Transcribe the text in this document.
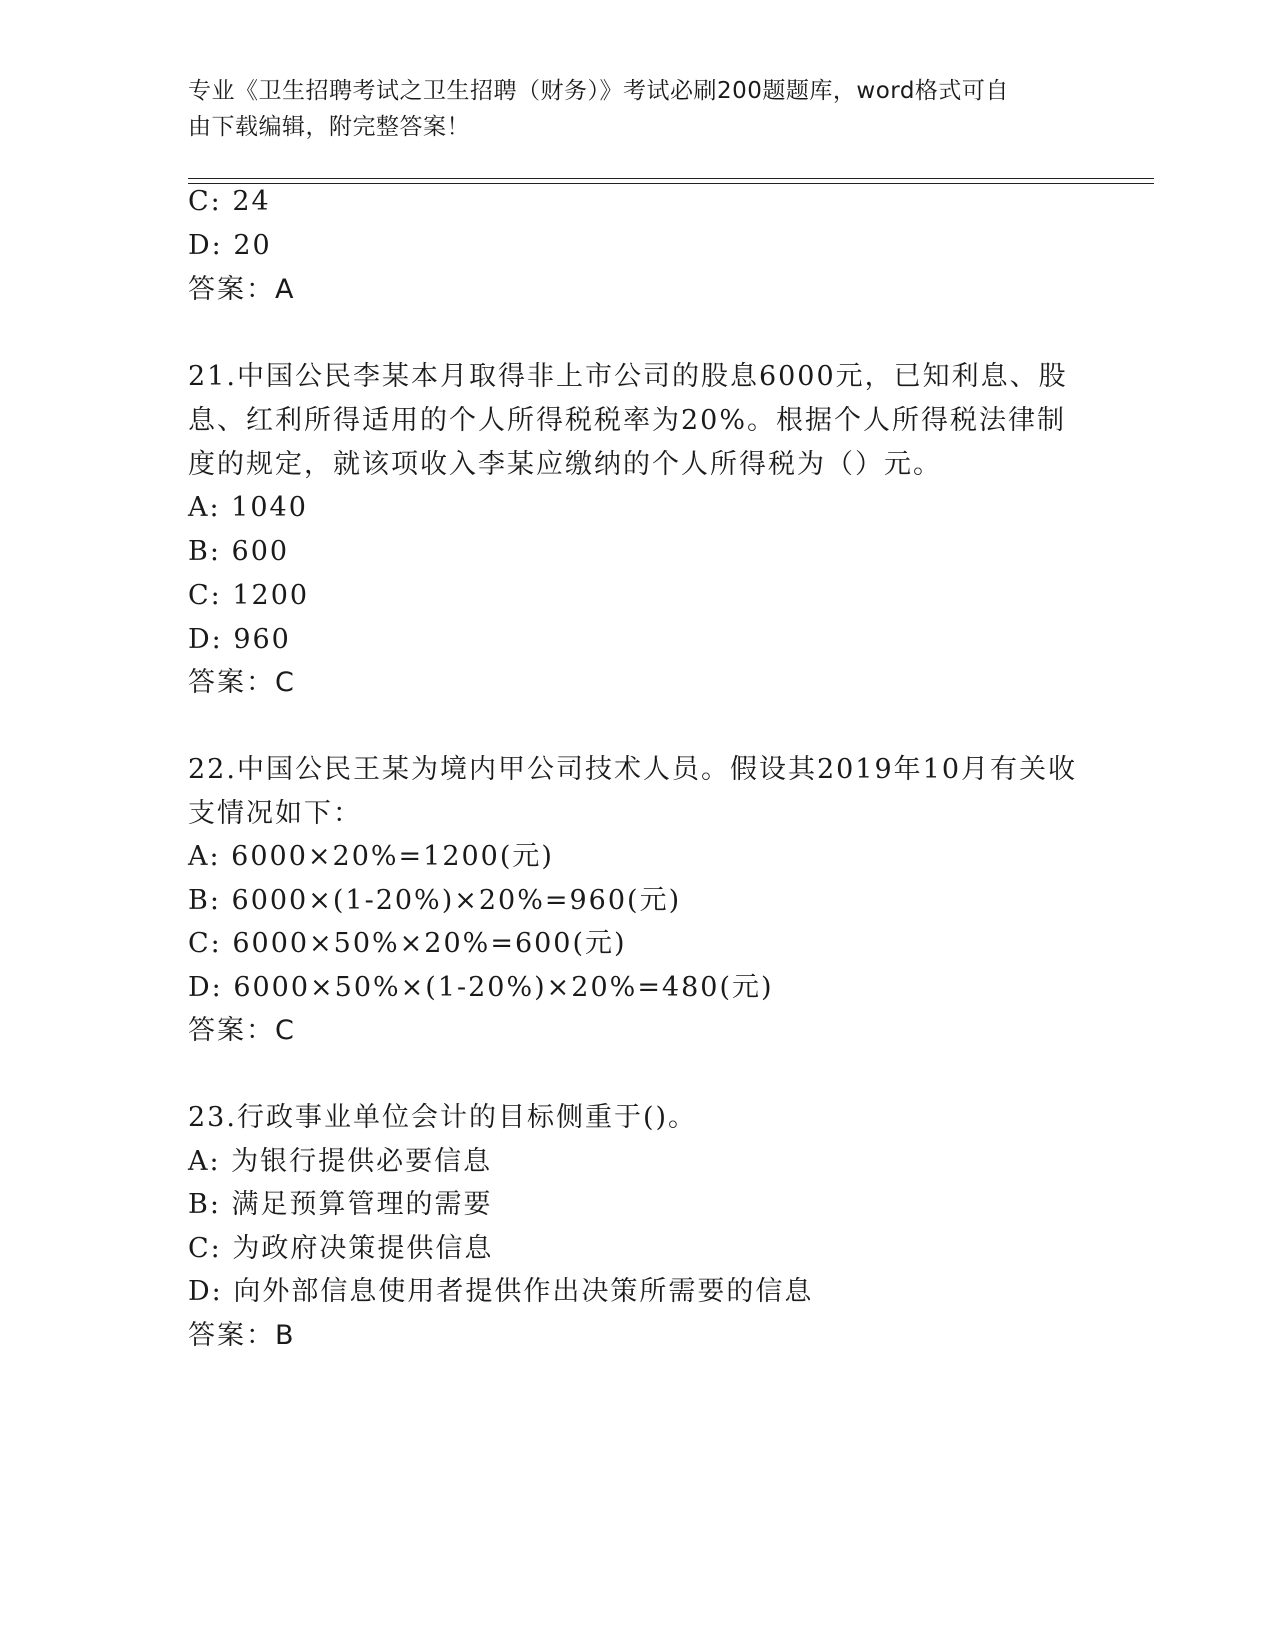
专业《卫生招聘考试之卫生招聘（财务）》考试必刷200题题库，word格式可自
由下载编辑，附完整答案！

C: 24

D: 20

答案：A

21.中国公民李某本月取得非上市公司的股息6000元，已知利息、股

息、红利所得适用的个人所得税税率为20%。根据个人所得税法律制

度的规定，就该项收入李某应缴纳的个人所得税为（）元。

A: 1040

B: 600

C: 1200

D: 960

答案：C

22.中国公民王某为境内甲公司技术人员。假设其2019年10月有关收

支情况如下：

A: 6000×20%=1200(元)

B: 6000×(1-20%)×20%=960(元)

C: 6000×50%×20%=600(元)

D: 6000×50%×(1-20%)×20%=480(元)

答案：C

23.行政事业单位会计的目标侧重于()。

A: 为银行提供必要信息

B: 满足预算管理的需要

C: 为政府决策提供信息

D: 向外部信息使用者提供作出决策所需要的信息

答案：B
